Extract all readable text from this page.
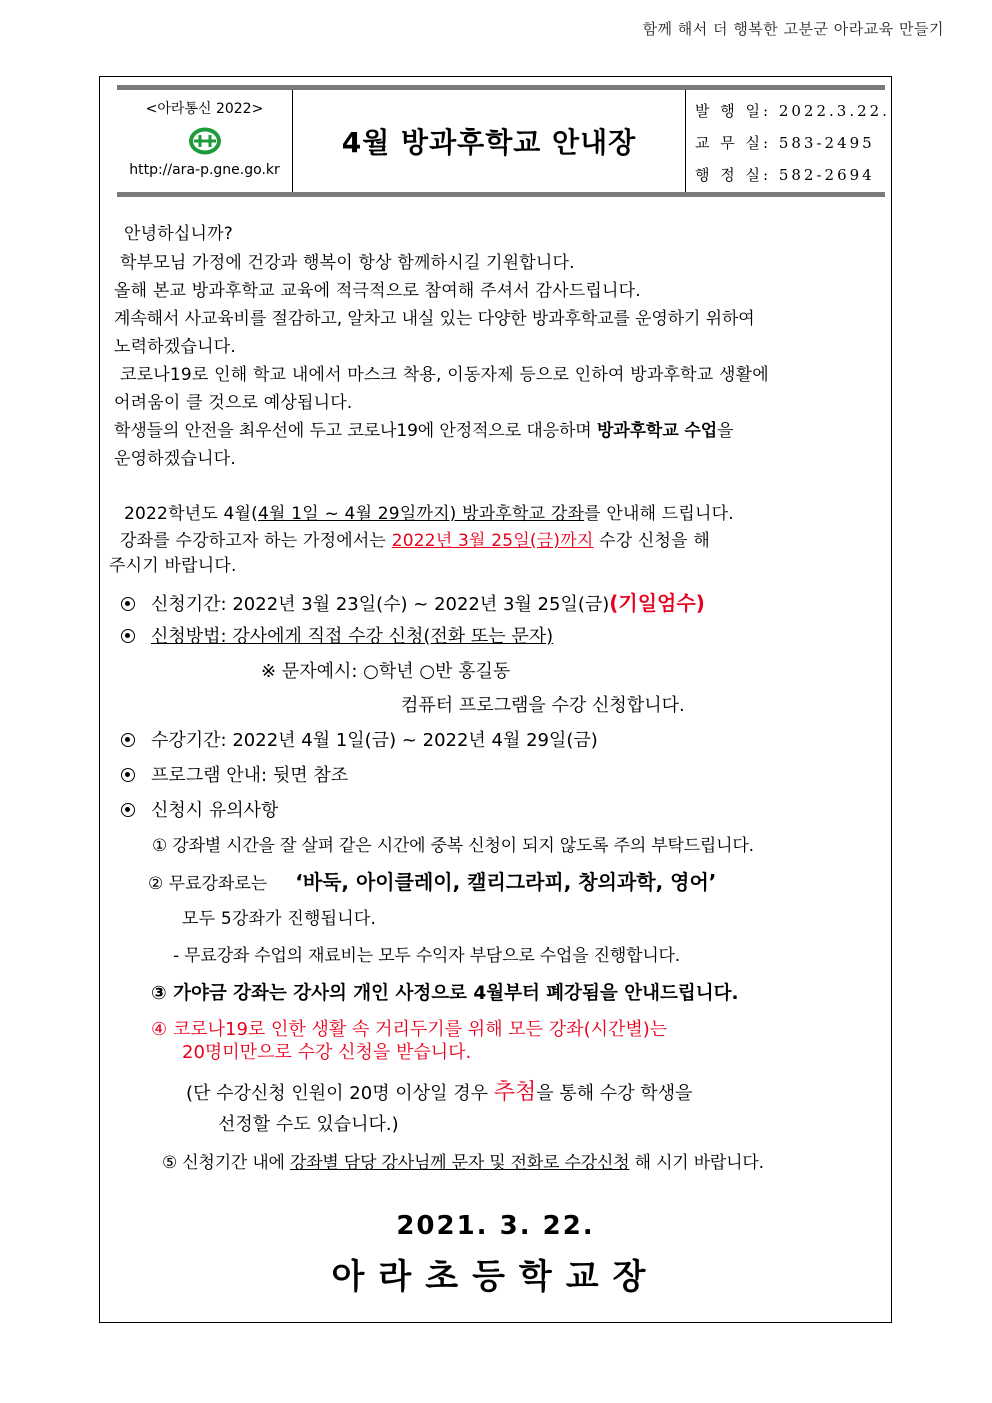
함께 해서 더 행복한 고분군 아라교육 만들기
<아라통신 2022>
http://ara-p.gne.go.kr
4월 방과후학교 안내장
발 행 일: 2022.3.22.
교 무 실: 583-2495
행 정 실: 582-2694
안녕하십니까?
학부모님 가정에 건강과 행복이 항상 함께하시길 기원합니다.
올해 본교 방과후학교 교육에 적극적으로 참여해 주셔서 감사드립니다.
계속해서 사교육비를 절감하고, 알차고 내실 있는 다양한 방과후학교를 운영하기 위하여
노력하겠습니다.
코로나19로 인해 학교 내에서 마스크 착용, 이동자제 등으로 인하여 방과후학교 생활에
어려움이 클 것으로 예상됩니다.
학생들의 안전을 최우선에 두고 코로나19에 안정적으로 대응하며 방과후학교 수업을
운영하겠습니다.
2022학년도 4월(4월 1일 ~ 4월 29일까지) 방과후학교 강좌를 안내해 드립니다.
강좌를 수강하고자 하는 가정에서는 2022년 3월 25일(금)까지 수강 신청을 해
주시기 바랍니다.
신청기간: 2022년 3월 23일(수) ~ 2022년 3월 25일(금)(기일엄수)
신청방법: 강사에게 직접 수강 신청(전화 또는 문자)
※ 문자예시: ○학년 ○반 홍길동
컴퓨터 프로그램을 수강 신청합니다.
수강기간: 2022년 4월 1일(금) ~ 2022년 4월 29일(금)
프로그램 안내: 뒷면 참조
신청시 유의사항
① 강좌별 시간을 잘 살펴 같은 시간에 중복 신청이 되지 않도록 주의 부탁드립니다.
② 무료강좌로는 ‘바둑, 아이클레이, 캘리그라피, 창의과학, 영어’
모두 5강좌가 진행됩니다.
- 무료강좌 수업의 재료비는 모두 수익자 부담으로 수업을 진행합니다.
③ 가야금 강좌는 강사의 개인 사정으로 4월부터 폐강됨을 안내드립니다.
④ 코로나19로 인한 생활 속 거리두기를 위해 모든 강좌(시간별)는
20명미만으로 수강 신청을 받습니다.
(단 수강신청 인원이 20명 이상일 경우 추첨을 통해 수강 학생을
선정할 수도 있습니다.)
⑤ 신청기간 내에 강좌별 담당 강사님께 문자 및 전화로 수강신청 해 시기 바랍니다.
2021. 3. 22.
아라초등학교장
